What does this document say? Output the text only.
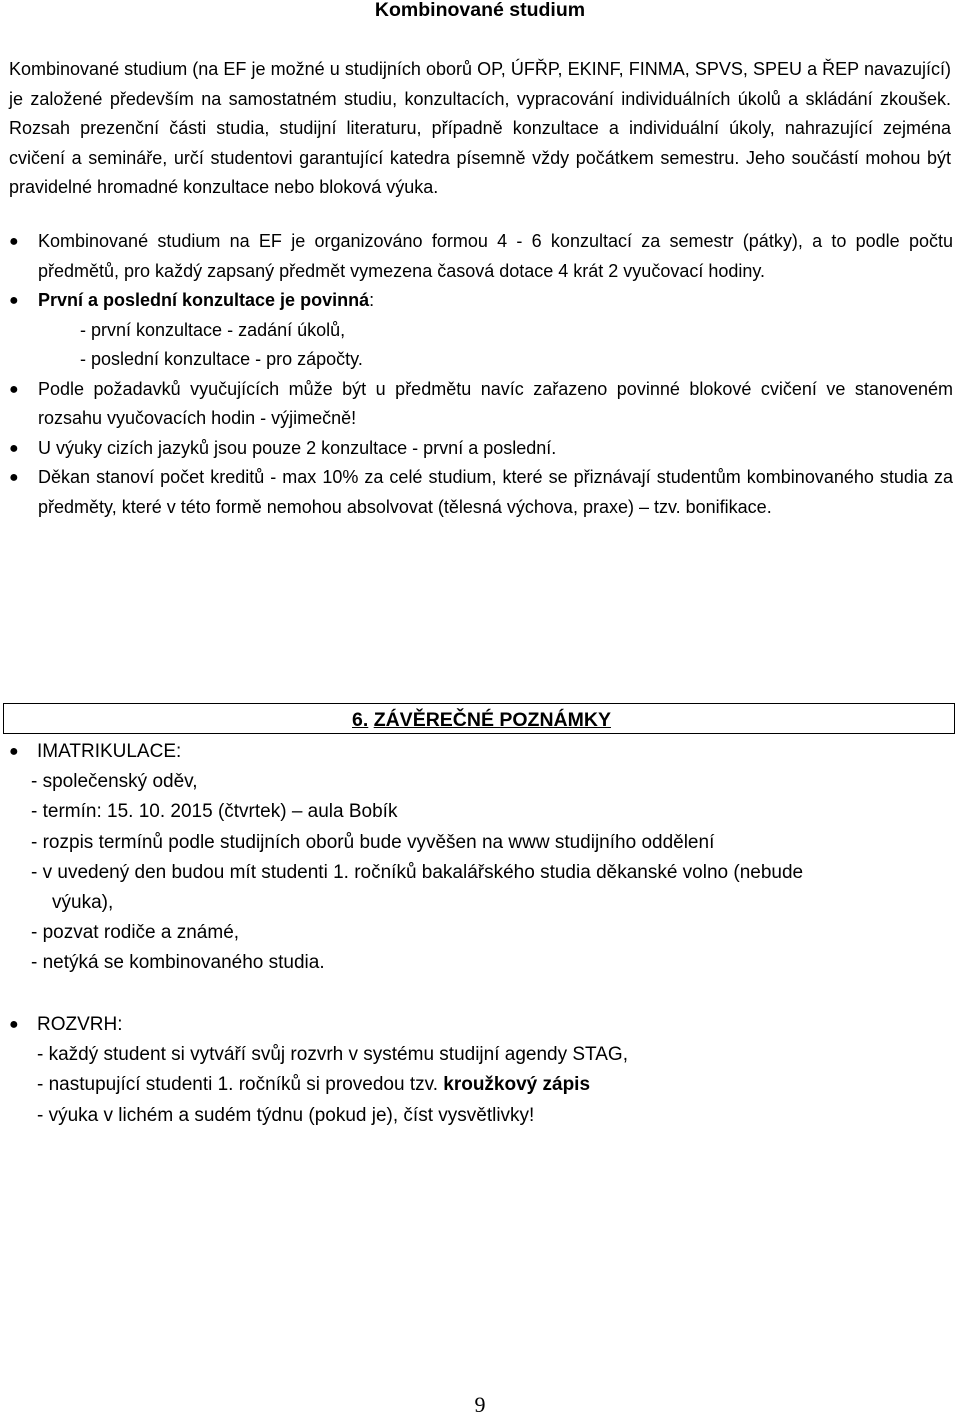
Kombinované studium

Kombinované studium (na EF je možné u studijních oborů OP, ÚFŘP, EKINF, FINMA, SPVS, SPEU a ŘEP navazující) je založené především na samostatném studiu, konzultacích, vypracování individuálních úkolů a skládání zkoušek. Rozsah prezenční části studia, studijní literaturu, případně konzultace a individuální úkoly, nahrazující zejména cvičení a semináře, určí studentovi garantující katedra písemně vždy počátkem semestru. Jeho součástí mohou být pravidelné hromadné konzultace nebo bloková výuka.

● Kombinované studium na EF je organizováno formou 4 - 6 konzultací za semestr (pátky), a to podle počtu předmětů, pro každý zapsaný předmět vymezena časová dotace 4 krát 2 vyučovací hodiny.
● První a poslední konzultace je povinná:
- první konzultace - zadání úkolů,
- poslední konzultace - pro zápočty.
● Podle požadavků vyučujících může být u předmětu navíc zařazeno povinné blokové cvičení ve stanoveném rozsahu vyučovacích hodin - výjimečně!
● U výuky cizích jazyků jsou pouze 2 konzultace - první a poslední.
● Děkan stanoví počet kreditů - max 10% za celé studium, které se přiznávají studentům kombinovaného studia za předměty, které v této formě nemohou absolvovat (tělesná výchova, praxe) – tzv. bonifikace.
6. ZÁVĚREČNÉ POZNÁMKY
● IMATRIKULACE:
- společenský oděv,
- termín: 15. 10. 2015 (čtvrtek) – aula Bobík
- rozpis termínů podle studijních oborů bude vyvěšen na www studijního oddělení
- v uvedený den budou mít studenti 1. ročníků bakalářského studia děkanské volno (nebude
výuka),
- pozvat rodiče a známé,
- netýká se kombinovaného studia.
● ROZVRH:
- každý student si vytváří svůj rozvrh v systému studijní agendy STAG,
- nastupující studenti 1. ročníků si provedou tzv. kroužkový zápis
- výuka v lichém a sudém týdnu (pokud je), číst vysvětlivky!
9
